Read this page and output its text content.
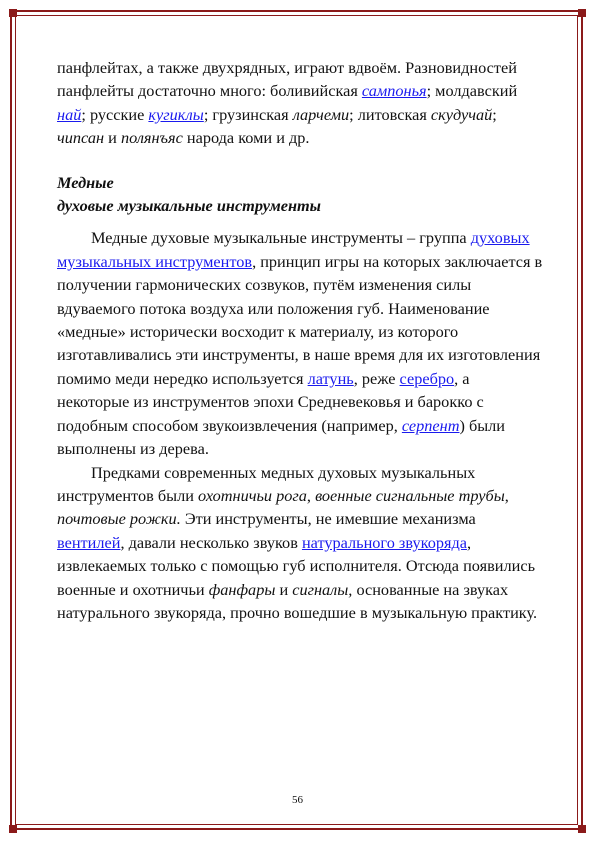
панфлейтах, а также двухрядных, играют вдвоём. Разновидностей панфлейты достаточно много: боливийская сампонья; молдавский най; русские кугиклы; грузинская ларчеми; литовская скудучай; чипсан и полянъяс народа коми и др.

Медные
духовые музыкальные инструменты

Медные духовые музыкальные инструменты – группа духовых музыкальных инструментов, принцип игры на которых заключается в получении гармонических созвуков, путём изменения силы вдуваемого потока воздуха или положения губ. Наименование «медные» исторически восходит к материалу, из которого изготавливались эти инструменты, в наше время для их изготовления помимо меди нередко используется латунь, реже серебро, а некоторые из инструментов эпохи Средневековья и барокко с подобным способом звукоизвлечения (например, серпент) были выполнены из дерева.

Предками современных медных духовых музыкальных инструментов были охотничьи рога, военные сигнальные трубы, почтовые рожки. Эти инструменты, не имевшие механизма вентилей, давали несколько звуков натурального звукоряда, извлекаемых только с помощью губ исполнителя. Отсюда появились военные и охотничьи фанфары и сигналы, основанные на звуках натурального звукоряда, прочно вошедшие в музыкальную практику.

56
